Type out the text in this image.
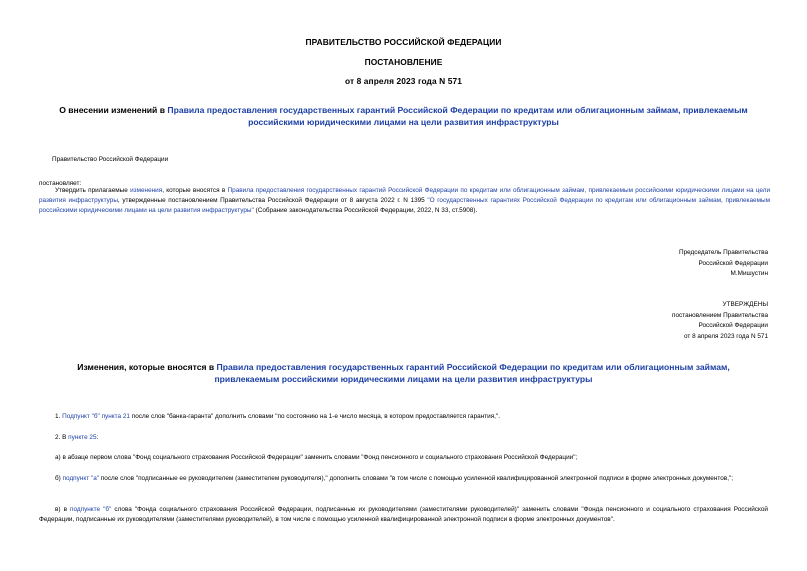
ПРАВИТЕЛЬСТВО РОССИЙСКОЙ ФЕДЕРАЦИИ
ПОСТАНОВЛЕНИЕ
от 8 апреля 2023 года N 571
О внесении изменений в Правила предоставления государственных гарантий Российской Федерации по кредитам или облигационным займам, привлекаемым российскими юридическими лицами на цели развития инфраструктуры
Правительство Российской Федерации
постановляет:
Утвердить прилагаемые изменения, которые вносятся в Правила предоставления государственных гарантий Российской Федерации по кредитам или облигационным займам, привлекаемым российскими юридическими лицами на цели развития инфраструктуры, утвержденные постановлением Правительства Российской Федерации от 8 августа 2022 г. N 1395 "О государственных гарантиях Российской Федерации по кредитам или облигационным займам, привлекаемым российскими юридическими лицами на цели развития инфраструктуры" (Собрание законодательства Российской Федерации, 2022, N 33, ст.5908).
Председатель Правительства
Российской Федерации
М.Мишустин
УТВЕРЖДЕНЫ
постановлением Правительства
Российской Федерации
от 8 апреля 2023 года N 571
Изменения, которые вносятся в Правила предоставления государственных гарантий Российской Федерации по кредитам или облигационным займам, привлекаемым российскими юридическими лицами на цели развития инфраструктуры
1. Подпункт "б" пункта 21 после слов "банка-гаранта" дополнить словами "по состоянию на 1-е число месяца, в котором предоставляется гарантия,".
2. В пункте 25:
а) в абзаце первом слова "Фонд социального страхования Российской Федерации" заменить словами "Фонд пенсионного и социального страхования Российской Федерации";
б) подпункт "а" после слов "подписанные ее руководителем (заместителем руководителя)," дополнить словами "в том числе с помощью усиленной квалифицированной электронной подписи в форме электронных документов,";
в) в подпункте "б" слова "Фонда социального страхования Российской Федерации, подписанные их руководителями (заместителями руководителей)" заменить словами "Фонда пенсионного и социального страхования Российской Федерации, подписанные их руководителями (заместителями руководителей), в том числе с помощью усиленной квалифицированной электронной подписи в форме электронных документов".
